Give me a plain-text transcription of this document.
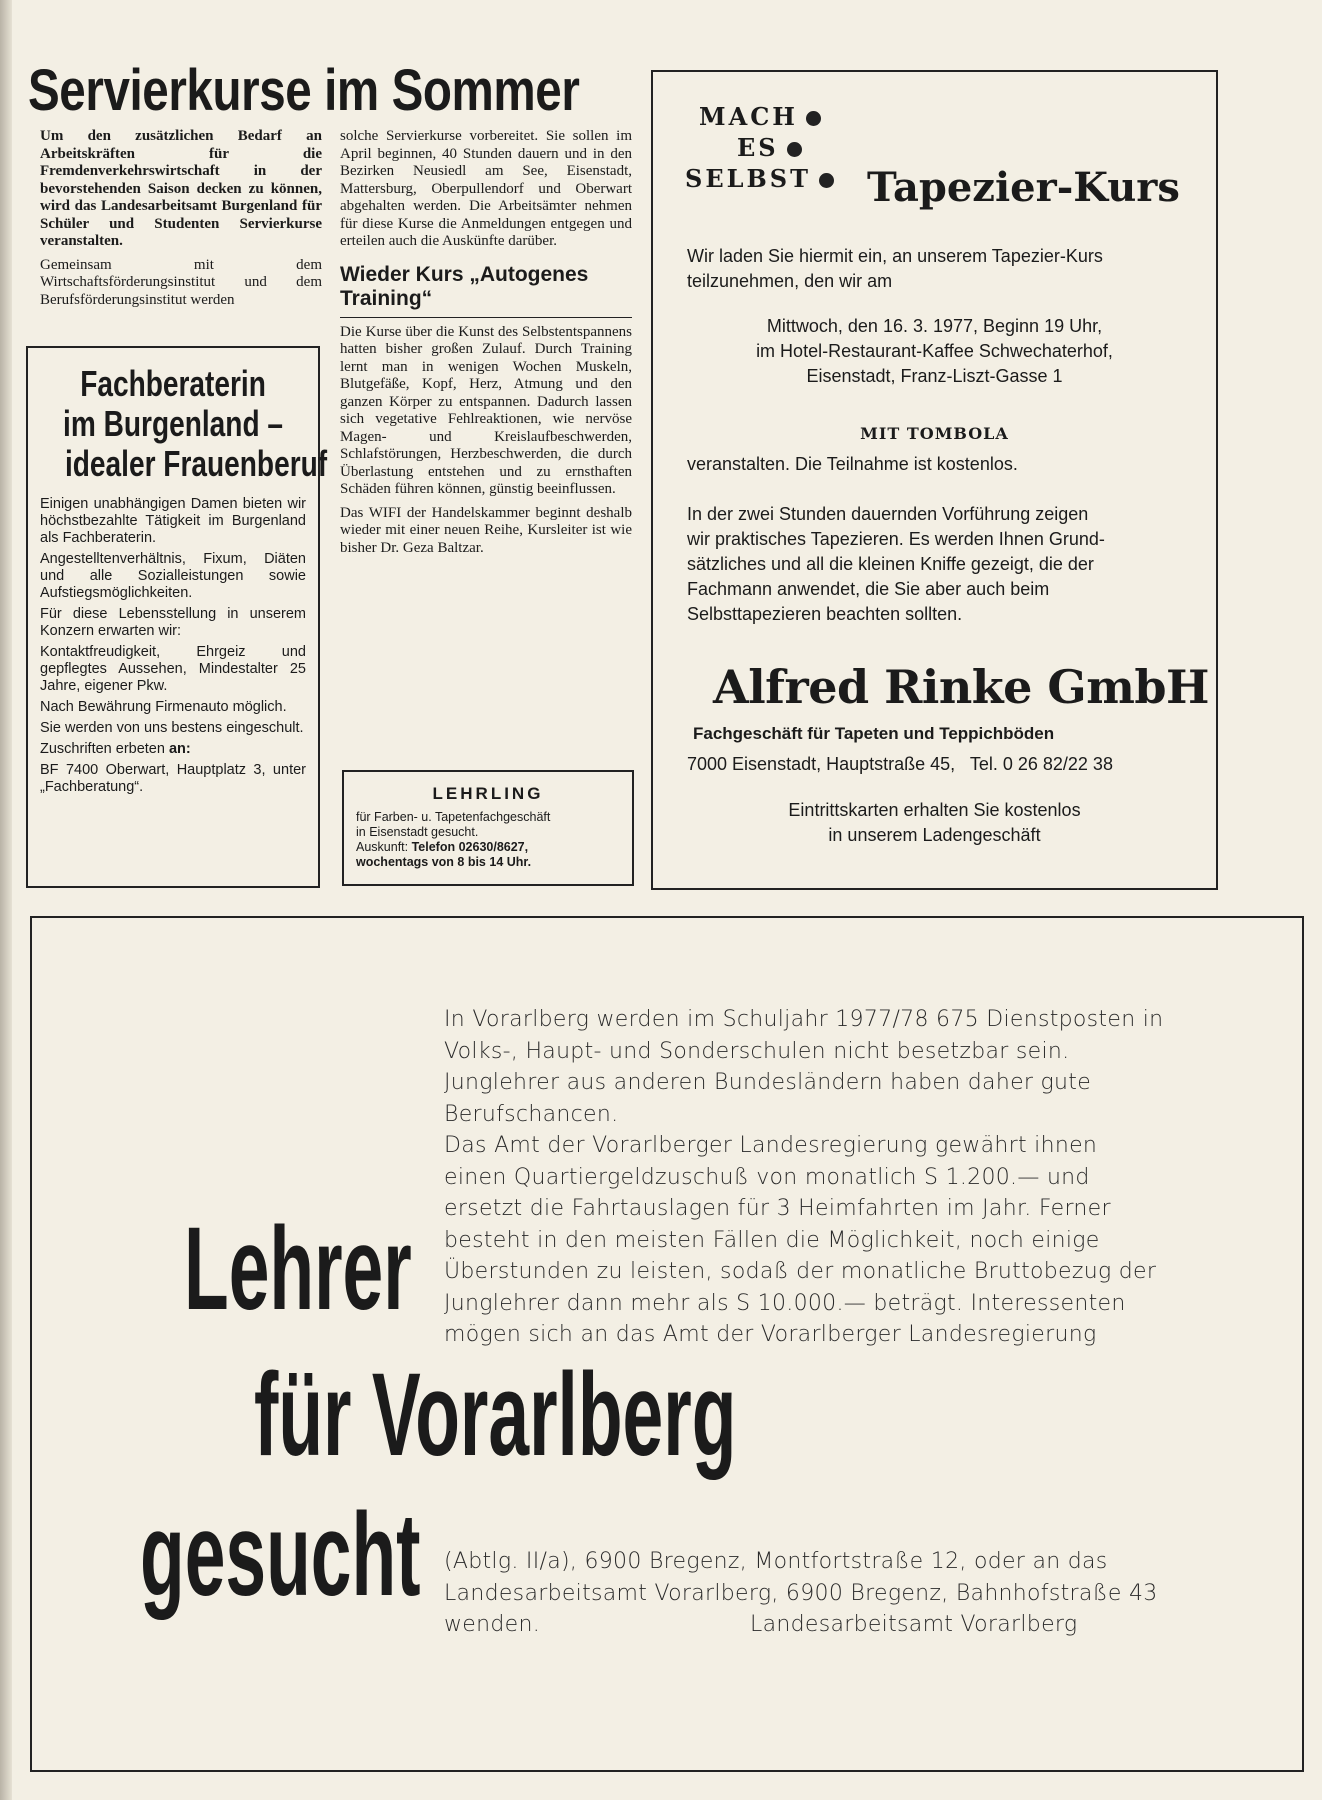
Servierkurse im Sommer

Um den zusätzlichen Bedarf an Arbeitskräften für die Fremdenverkehrswirtschaft in der bevorstehenden Saison decken zu können, wird das Landesarbeitsamt Burgenland für Schüler und Studenten Servierkurse veranstalten.

Gemeinsam mit dem Wirtschaftsförderungsinstitut und dem Berufsförderungsinstitut werden

solche Servierkurse vorbereitet. Sie sollen im April beginnen, 40 Stunden dauern und in den Bezirken Neusiedl am See, Eisenstadt, Mattersburg, Oberpullendorf und Oberwart abgehalten werden. Die Arbeitsämter nehmen für diese Kurse die Anmeldungen entgegen und erteilen auch die Auskünfte darüber.

Wieder Kurs „Autogenes Training“

Die Kurse über die Kunst des Selbstentspannens hatten bisher großen Zulauf. Durch Training lernt man in wenigen Wochen Muskeln, Blutgefäße, Kopf, Herz, Atmung und den ganzen Körper zu entspannen. Dadurch lassen sich vegetative Fehlreaktionen, wie nervöse Magen- und Kreislaufbeschwerden, Schlafstörungen, Herzbeschwerden, die durch Überlastung entstehen und zu ernsthaften Schäden führen können, günstig beeinflussen.

Das WIFI der Handelskammer beginnt deshalb wieder mit einer neuen Reihe, Kursleiter ist wie bisher Dr. Geza Baltzar.

Fachberaterin
im Burgenland –
idealer Frauenberuf

Einigen unabhängigen Damen bieten wir höchstbezahlte Tätigkeit im Burgenland als Fachberaterin.

Angestelltenverhältnis, Fixum, Diäten und alle Sozialleistungen sowie Aufstiegsmöglichkeiten.

Für diese Lebensstellung in unserem Konzern erwarten wir:

Kontaktfreudigkeit, Ehrgeiz und gepflegtes Aussehen, Mindestalter 25 Jahre, eigener Pkw.

Nach Bewährung Firmenauto möglich.

Sie werden von uns bestens eingeschult.

Zuschriften erbeten an:

BF 7400 Oberwart, Hauptplatz 3, unter „Fachberatung“.	LEHRLING
für Farben- u. Tapetenfachgeschäft
in Eisenstadt gesucht.
Auskunft: Telefon 02630/8627,
wochentags von 8 bis 14 Uhr.
MACH
ES
SELBST	Tapezier-Kurs

Wir laden Sie hiermit ein, an unserem Tapezier-Kurs

teilzunehmen, den wir am

Mittwoch, den 16. 3. 1977, Beginn 19 Uhr,

im Hotel-Restaurant-Kaffee Schwechaterhof,

Eisenstadt, Franz-Liszt-Gasse 1

MIT TOMBOLA
veranstalten. Die Teilnahme ist kostenlos.

In der zwei Stunden dauernden Vorführung zeigen

wir praktisches Tapezieren. Es werden Ihnen Grund-

sätzliches und all die kleinen Kniffe gezeigt, die der

Fachmann anwendet, die Sie aber auch beim

Selbsttapezieren beachten sollten.

Alfred Rinke GmbH
Fachgeschäft für Tapeten und Teppichböden
7000 Eisenstadt, Hauptstraße 45,   Tel. 0 26 82/22 38

Eintrittskarten erhalten Sie kostenlos

in unserem Ladengeschäft

Lehrer
für Vorarlberg
gesucht
In Vorarlberg werden im Schuljahr 1977/78 675 Dienstposten in
Volks-, Haupt- und Sonderschulen nicht besetzbar sein.
Junglehrer aus anderen Bundesländern haben daher gute
Berufschancen.
Das Amt der Vorarlberger Landesregierung gewährt ihnen
einen Quartiergeldzuschuß von monatlich S 1.200.— und
ersetzt die Fahrtauslagen für 3 Heimfahrten im Jahr. Ferner
besteht in den meisten Fällen die Möglichkeit, noch einige
Überstunden zu leisten, sodaß der monatliche Bruttobezug der
Junglehrer dann mehr als S 10.000.— beträgt. Interessenten
mögen sich an das Amt der Vorarlberger Landesregierung
(Abtlg. II/a), 6900 Bregenz, Montfortstraße 12, oder an das
Landesarbeitsamt Vorarlberg, 6900 Bregenz, Bahnhofstraße 43
wenden.	Landesarbeitsamt Vorarlberg
